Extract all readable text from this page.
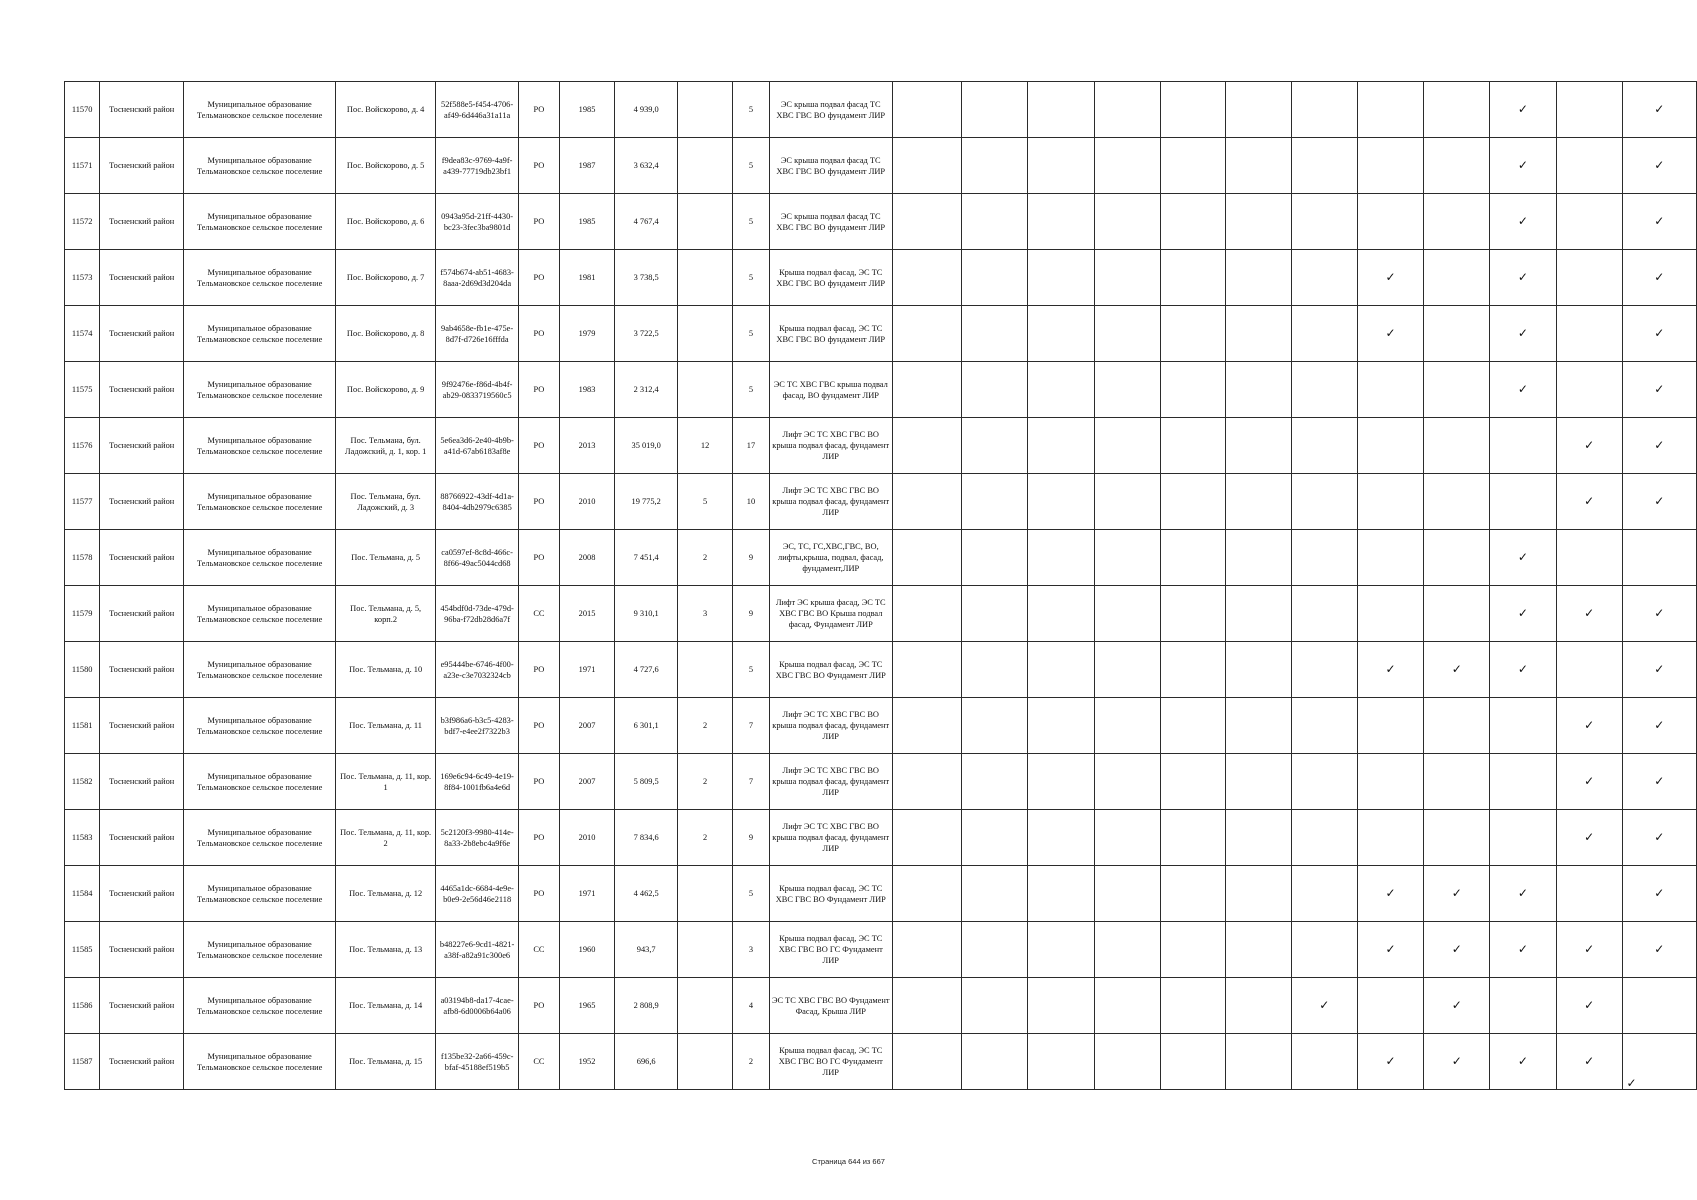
11570	Тосненский район	Муниципальное образование Тельмановское сельское поселение	Пос. Войскорово, д. 4	52f588e5-f454-4706-af49-6d446a31a11a	РО	1985	4 939,0		5	ЭС крыша подвал фасад ТС ХВС ГВС ВО фундамент ЛИР										✓		✓
11571	Тосненский район	Муниципальное образование Тельмановское сельское поселение	Пос. Войскорово, д. 5	f9dea83c-9769-4a9f-a439-77719db23bf1	РО	1987	3 632,4		5	ЭС крыша подвал фасад ТС ХВС ГВС ВО фундамент ЛИР										✓		✓
11572	Тосненский район	Муниципальное образование Тельмановское сельское поселение	Пос. Войскорово, д. 6	0943a95d-21ff-4430-bc23-3fec3ba9801d	РО	1985	4 767,4		5	ЭС крыша подвал фасад ТС ХВС ГВС ВО фундамент ЛИР										✓		✓
11573	Тосненский район	Муниципальное образование Тельмановское сельское поселение	Пос. Войскорово, д. 7	f574b674-ab51-4683-8aaa-2d69d3d204da	РО	1981	3 738,5		5	Крыша подвал фасад, ЭС ТС ХВС ГВС ВО фундамент ЛИР								✓		✓		✓
11574	Тосненский район	Муниципальное образование Тельмановское сельское поселение	Пос. Войскорово, д. 8	9ab4658e-fb1e-475e-8d7f-d726e16fffda	РО	1979	3 722,5		5	Крыша подвал фасад, ЭС ТС ХВС ГВС ВО фундамент ЛИР								✓		✓		✓
11575	Тосненский район	Муниципальное образование Тельмановское сельское поселение	Пос. Войскорово, д. 9	9f92476e-f86d-4b4f-ab29-0833719560c5	РО	1983	2 312,4		5	ЭС ТС ХВС ГВС крыша подвал фасад, ВО фундамент ЛИР										✓		✓
11576	Тосненский район	Муниципальное образование Тельмановское сельское поселение	Пос. Тельмана, бул. Ладожский, д. 1, кор. 1	5e6ea3d6-2e40-4b9b-a41d-67ab6183af8e	РО	2013	35 019,0	12	17	Лифт ЭС ТС ХВС ГВС ВО крыша подвал фасад, фундамент ЛИР											✓	✓
11577	Тосненский район	Муниципальное образование Тельмановское сельское поселение	Пос. Тельмана, бул. Ладожский, д. 3	88766922-43df-4d1a-8404-4db2979c6385	РО	2010	19 775,2	5	10	Лифт ЭС ТС ХВС ГВС ВО крыша подвал фасад, фундамент ЛИР											✓	✓
11578	Тосненский район	Муниципальное образование Тельмановское сельское поселение	Пос. Тельмана, д. 5	ca0597ef-8c8d-466c-8f66-49ac5044cd68	РО	2008	7 451,4	2	9	ЭС, ТС, ГС,ХВС,ГВС, ВО, лифты,крыша, подвал, фасад, фундамент,ЛИР										✓		
11579	Тосненский район	Муниципальное образование Тельмановское сельское поселение	Пос. Тельмана, д. 5, корп.2	454bdf0d-73de-479d-96ba-f72db28d6a7f	СС	2015	9 310,1	3	9	Лифт ЭС крыша фасад, ЭС ТС ХВС ГВС ВО Крыша подвал фасад, Фундамент ЛИР										✓	✓	✓
11580	Тосненский район	Муниципальное образование Тельмановское сельское поселение	Пос. Тельмана, д. 10	e95444be-6746-4f00-a23e-c3e7032324cb	РО	1971	4 727,6		5	Крыша подвал фасад, ЭС ТС ХВС ГВС ВО Фундамент ЛИР								✓	✓	✓		✓
11581	Тосненский район	Муниципальное образование Тельмановское сельское поселение	Пос. Тельмана, д. 11	b3f986a6-b3c5-4283-bdf7-e4ee2f7322b3	РО	2007	6 301,1	2	7	Лифт ЭС ТС ХВС ГВС ВО крыша подвал фасад, фундамент ЛИР											✓	✓
11582	Тосненский район	Муниципальное образование Тельмановское сельское поселение	Пос. Тельмана, д. 11, кор. 1	169e6c94-6c49-4e19-8f84-1001fb6a4e6d	РО	2007	5 809,5	2	7	Лифт ЭС ТС ХВС ГВС ВО крыша подвал фасад, фундамент ЛИР											✓	✓
11583	Тосненский район	Муниципальное образование Тельмановское сельское поселение	Пос. Тельмана, д. 11, кор. 2	5c2120f3-9980-414e-8a33-2b8ebc4a9f6e	РО	2010	7 834,6	2	9	Лифт ЭС ТС ХВС ГВС ВО крыша подвал фасад, фундамент ЛИР											✓	✓
11584	Тосненский район	Муниципальное образование Тельмановское сельское поселение	Пос. Тельмана, д. 12	4465a1dc-6684-4e9e-b0e9-2e56d46e2118	РО	1971	4 462,5		5	Крыша подвал фасад, ЭС ТС ХВС ГВС ВО Фундамент ЛИР								✓	✓	✓		✓
11585	Тосненский район	Муниципальное образование Тельмановское сельское поселение	Пос. Тельмана, д. 13	b48227e6-9cd1-4821-a38f-a82a91c300e6	СС	1960	943,7		3	Крыша подвал фасад, ЭС ТС ХВС ГВС ВО ГС Фундамент ЛИР								✓	✓	✓	✓	✓
11586	Тосненский район	Муниципальное образование Тельмановское сельское поселение	Пос. Тельмана, д. 14	a03194b8-da17-4cae-afb8-6d0006b64a06	РО	1965	2 808,9		4	ЭС ТС ХВС ГВС ВО Фундамент Фасад, Крыша ЛИР							✓		✓		✓	
11587	Тосненский район	Муниципальное образование Тельмановское сельское поселение	Пос. Тельмана, д. 15	f135be32-2a66-459c-bfaf-45188ef519b5	СС	1952	696,6		2	Крыша подвал фасад, ЭС ТС ХВС ГВС ВО ГС Фундамент ЛИР								✓	✓	✓	✓	✓
Страница 644 из 667
